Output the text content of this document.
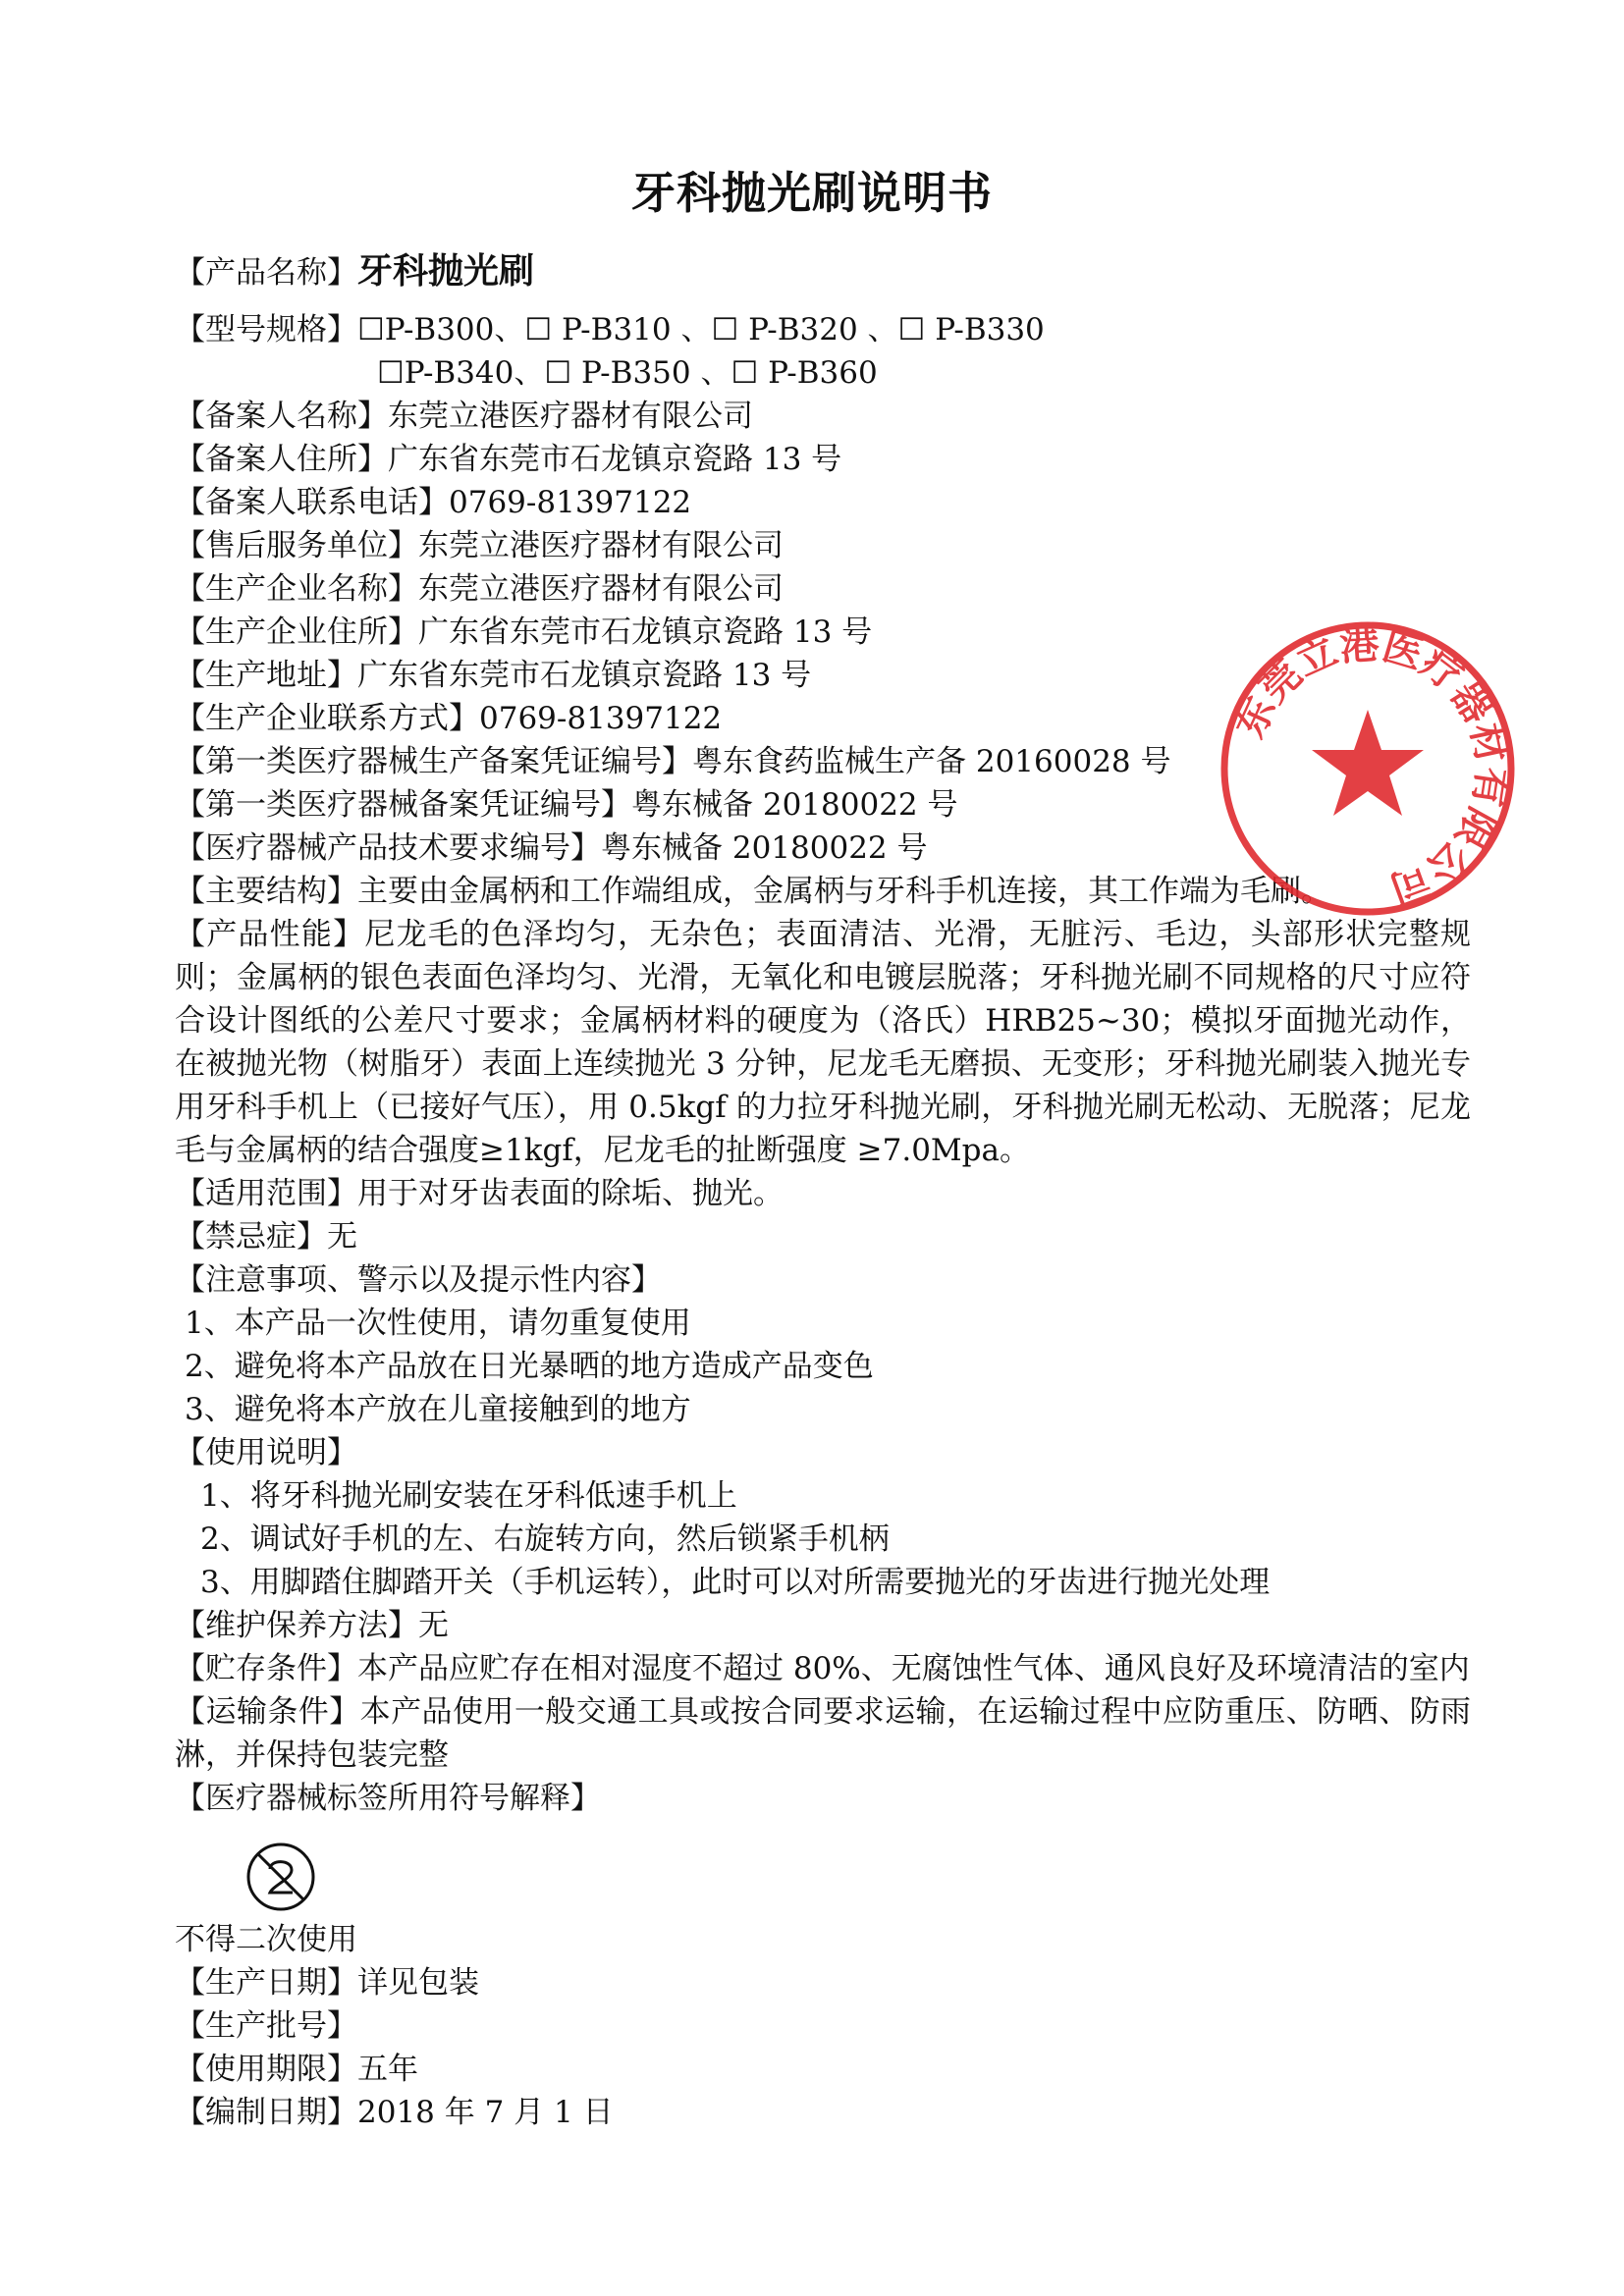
牙科抛光刷说明书
【产品名称】牙科抛光刷
【型号规格】☐P-B300、☐ P-B310 、☐ P-B320 、☐ P-B330
☐P-B340、☐ P-B350 、☐ P-B360
【备案人名称】东莞立港医疗器材有限公司
【备案人住所】广东省东莞市石龙镇京瓷路 13 号
【备案人联系电话】0769-81397122
【售后服务单位】东莞立港医疗器材有限公司
【生产企业名称】东莞立港医疗器材有限公司
【生产企业住所】广东省东莞市石龙镇京瓷路 13 号
【生产地址】广东省东莞市石龙镇京瓷路 13 号
【生产企业联系方式】0769-81397122
【第一类医疗器械生产备案凭证编号】粤东食药监械生产备 20160028 号
【第一类医疗器械备案凭证编号】粤东械备 20180022 号
【医疗器械产品技术要求编号】粤东械备 20180022 号
【主要结构】主要由金属柄和工作端组成，金属柄与牙科手机连接，其工作端为毛刷。
【产品性能】尼龙毛的色泽均匀，无杂色；表面清洁、光滑，无脏污、毛边，头部形状完整规则；金属柄的银色表面色泽均匀、光滑，无氧化和电镀层脱落；牙科抛光刷不同规格的尺寸应符合设计图纸的公差尺寸要求；金属柄材料的硬度为（洛氏）HRB25~30；模拟牙面抛光动作，在被抛光物（树脂牙）表面上连续抛光 3 分钟，尼龙毛无磨损、无变形；牙科抛光刷装入抛光专用牙科手机上（已接好气压），用 0.5kgf 的力拉牙科抛光刷，牙科抛光刷无松动、无脱落；尼龙毛与金属柄的结合强度≥1kgf，尼龙毛的扯断强度 ≥7.0Mpa。
【适用范围】用于对牙齿表面的除垢、抛光。
【禁忌症】无
【注意事项、警示以及提示性内容】
1、本产品一次性使用，请勿重复使用
2、避免将本产品放在日光暴晒的地方造成产品变色
3、避免将本产放在儿童接触到的地方
【使用说明】
1、将牙科抛光刷安装在牙科低速手机上
2、调试好手机的左、右旋转方向，然后锁紧手机柄
3、用脚踏住脚踏开关（手机运转），此时可以对所需要抛光的牙齿进行抛光处理
【维护保养方法】无
【贮存条件】本产品应贮存在相对湿度不超过 80%、无腐蚀性气体、通风良好及环境清洁的室内
【运输条件】本产品使用一般交通工具或按合同要求运输，在运输过程中应防重压、防晒、防雨淋，并保持包装完整
【医疗器械标签所用符号解释】
不得二次使用
【生产日期】详见包装
【生产批号】
【使用期限】五年
【编制日期】2018 年 7 月 1 日
东莞立港医疗器材有限公司
